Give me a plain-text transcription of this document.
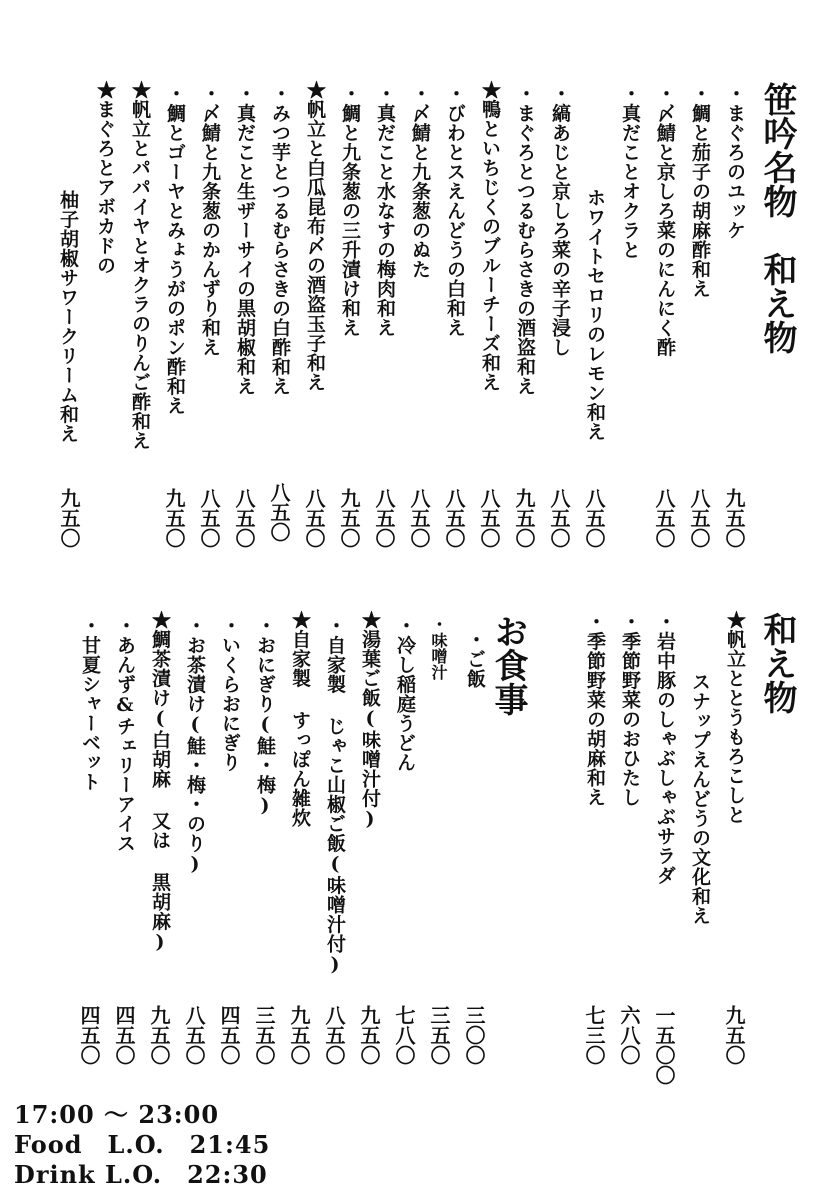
笹吟名物　和え物
・まぐろのユッケ
・鯛と茄子の胡麻酢和え
・〆鯖と京しろ菜のにんにく酢
・真だことオクラと
ホワイトセロリのレモン和え
・縞あじと京しろ菜の辛子浸し
・まぐろとつるむらさきの酒盗和え
★鴨といちじくのブルーチーズ和え
・びわとスえんどうの白和え
・〆鯖と九条葱のぬた
・真だこと水なすの梅肉和え
・鯛と九条葱の三升漬け和え
★帆立と白瓜昆布〆の酒盗玉子和え
・みつ芋とつるむらさきの白酢和え
・真だこと生ザーサイの黒胡椒和え
・〆鯖と九条葱のかんずり和え
・鯛とゴーヤとみょうがのポン酢和え
★帆立とパパイヤとオクラのりんご酢和え
★まぐろとアボカドの
柚子胡椒サワークリーム和え
九五〇
八五〇
八五〇
八五〇
八五〇
九五〇
八五〇
八五〇
八五〇
八五〇
九五〇
八五〇
八五〇
八五〇
八五〇
九五〇
九五〇
和え物
★帆立ととうもろこしと
スナップえんどうの文化和え
・岩中豚のしゃぶしゃぶサラダ
・季節野菜のおひたし
・季節野菜の胡麻和え
九五〇
一五〇〇
六八〇
七三〇
お食事
・ご飯
・味噌汁
・冷し稲庭うどん
★湯葉ご飯(味噌汁付)
・自家製 じゃこ山椒ご飯(味噌汁付)
★自家製 すっぽん雑炊
・おにぎり(鮭・梅)
・いくらおにぎり
・お茶漬け(鮭・梅・のり)
★鯛茶漬け(白胡麻 又は 黒胡麻)
・あんず&チェリーアイス
・甘夏シャーベット
三〇〇
三五〇
七八〇
九五〇
八五〇
九五〇
三五〇
四五〇
八五〇
九五〇
四五〇
四五〇
17:00 ～ 23:00
Food　L.O.　21:45
Drink L.O.　22:30
